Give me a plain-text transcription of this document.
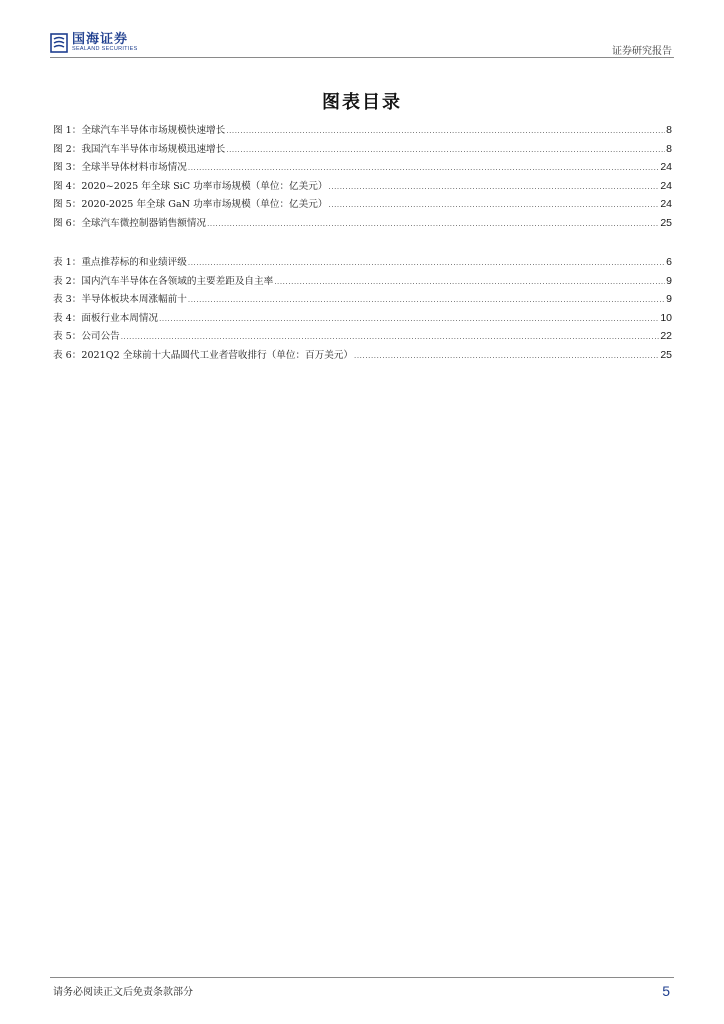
国海证券
SEALAND SECURITIES	证券研究报告
图表目录
图 1： 全球汽车半导体市场规模快速增长 .....	8
图 2： 我国汽车半导体市场规模迅速增长 .....	8
图 3： 全球半导体材料市场情况 .....	24
图 4： 2020~2025 年全球 SiC 功率市场规模（单位：亿美元） .....	24
图 5： 2020-2025 年全球 GaN 功率市场规模（单位：亿美元） .....	24
图 6： 全球汽车微控制器销售额情况 .....	25
表 1： 重点推荐标的和业绩评级 .....	6
表 2： 国内汽车半导体在各领域的主要差距及自主率 .....	9
表 3： 半导体板块本周涨幅前十 .....	9
表 4： 面板行业本周情况 .....	10
表 5： 公司公告 .....	22
表 6： 2021Q2 全球前十大晶圆代工业者营收排行（单位：百万美元） .....	25
请务必阅读正文后免责条款部分	5
